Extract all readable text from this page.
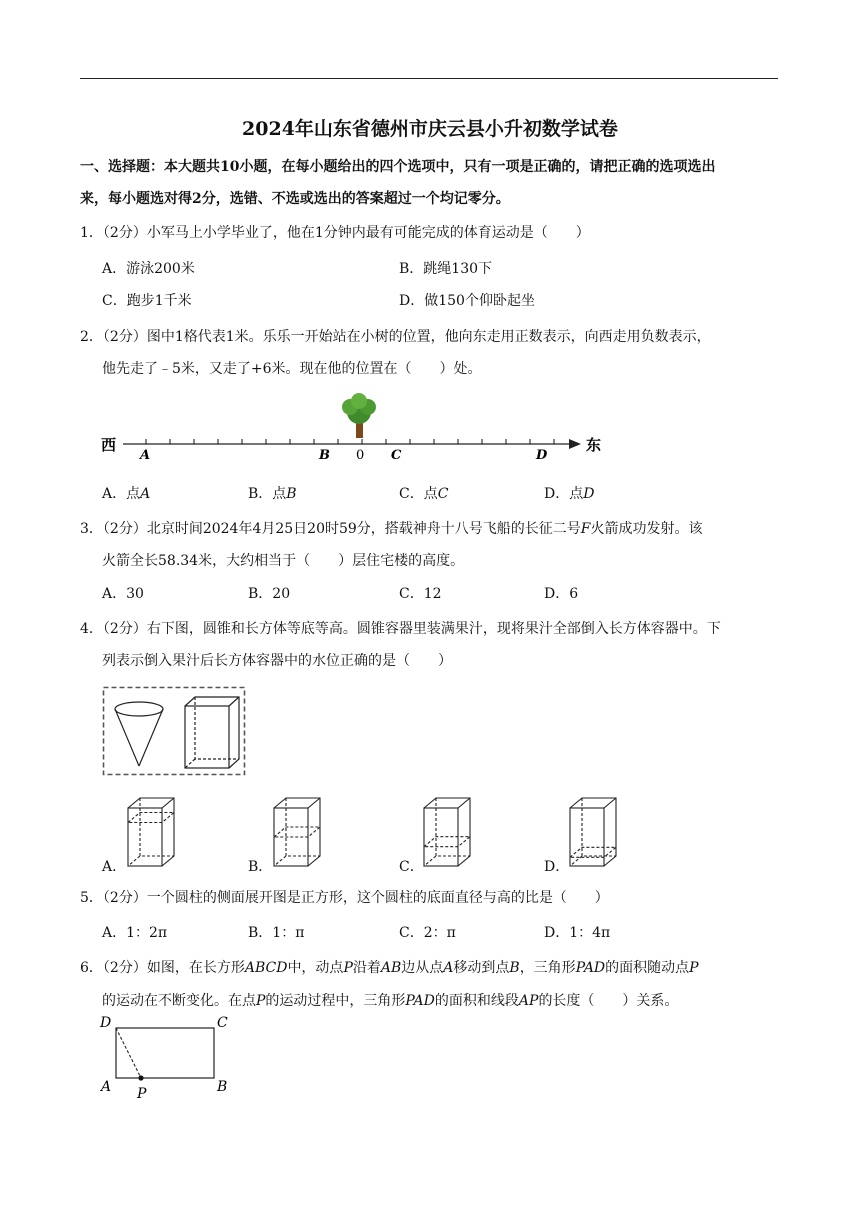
2024年山东省德州市庆云县小升初数学试卷
一、选择题：本大题共10小题，在每小题给出的四个选项中，只有一项是正确的，请把正确的选项选出
来，每小题选对得2分，选错、不选或选出的答案超过一个均记零分。
1．（2分）小军马上小学毕业了，他在1分钟内最有可能完成的体育运动是（　　）
A．游泳200米	B．跳绳130下
C．跑步1千米	D．做150个仰卧起坐
2．（2分）图中1格代表1米。乐乐一开始站在小树的位置，他向东走用正数表示，向西走用负数表示，
他先走了﹣5米，又走了+6米。现在他的位置在（　　）处。
西	东
A	B 0 C	D
A．点A	B．点B	C．点C	D．点D
3．（2分）北京时间2024年4月25日20时59分，搭载神舟十八号飞船的长征二号F火箭成功发射。该
火箭全长58.34米，大约相当于（　　）层住宅楼的高度。
A．30	B．20	C．12	D．6
4．（2分）右下图，圆锥和长方体等底等高。圆锥容器里装满果汁，现将果汁全部倒入长方体容器中。下
列表示倒入果汁后长方体容器中的水位正确的是（　　）
A．	B．	C．	D．
5．（2分）一个圆柱的侧面展开图是正方形，这个圆柱的底面直径与高的比是（　　）
A．1：2π	B．1：π	C．2：π	D．1：4π
6．（2分）如图，在长方形ABCD中，动点P沿着AB边从点A移动到点B，三角形PAD的面积随动点P
的运动在不断变化。在点P的运动过程中，三角形PAD的面积和线段AP的长度（　　）关系。
D	C
A	B
P
